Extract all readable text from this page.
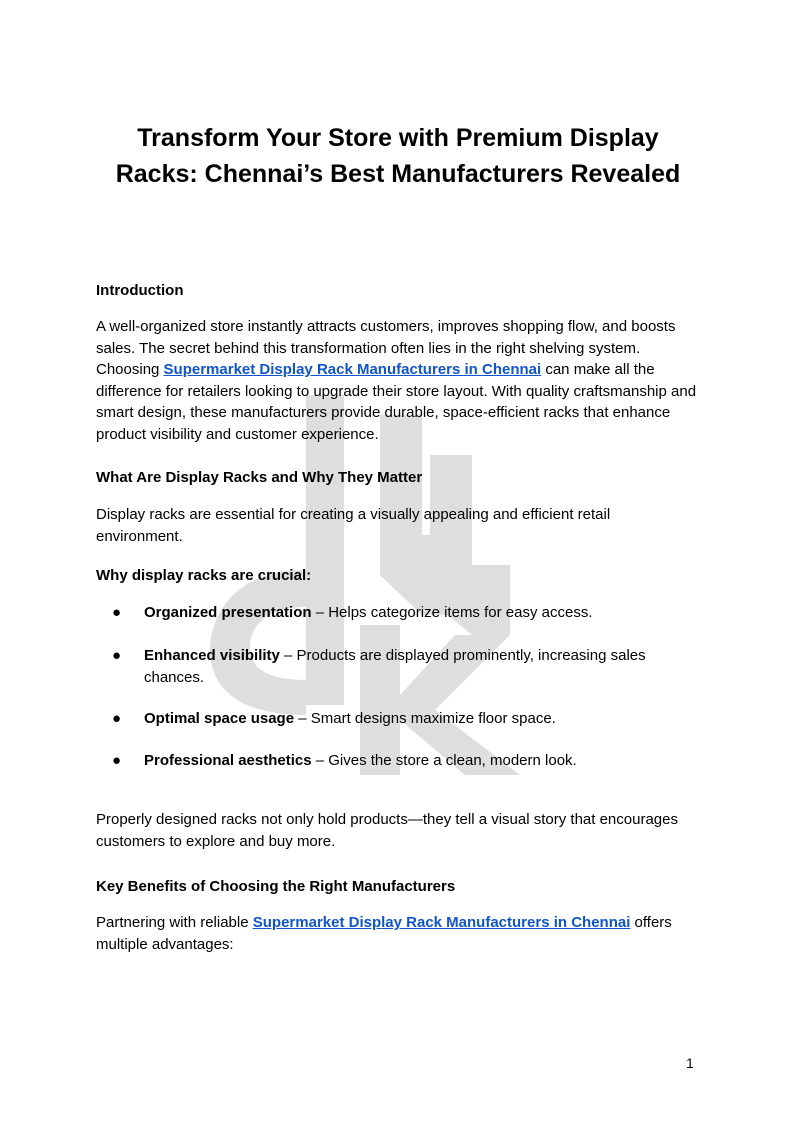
Transform Your Store with Premium Display Racks: Chennai’s Best Manufacturers Revealed

Introduction

A well-organized store instantly attracts customers, improves shopping flow, and boosts sales. The secret behind this transformation often lies in the right shelving system. Choosing Supermarket Display Rack Manufacturers in Chennai can make all the difference for retailers looking to upgrade their store layout. With quality craftsmanship and smart design, these manufacturers provide durable, space-efficient racks that enhance product visibility and customer experience.

What Are Display Racks and Why They Matter

Display racks are essential for creating a visually appealing and efficient retail environment.

Why display racks are crucial:

● Organized presentation – Helps categorize items for easy access.
● Enhanced visibility – Products are displayed prominently, increasing sales chances.
● Optimal space usage – Smart designs maximize floor space.
● Professional aesthetics – Gives the store a clean, modern look.

Properly designed racks not only hold products—they tell a visual story that encourages customers to explore and buy more.

Key Benefits of Choosing the Right Manufacturers

Partnering with reliable Supermarket Display Rack Manufacturers in Chennai offers multiple advantages:

1
